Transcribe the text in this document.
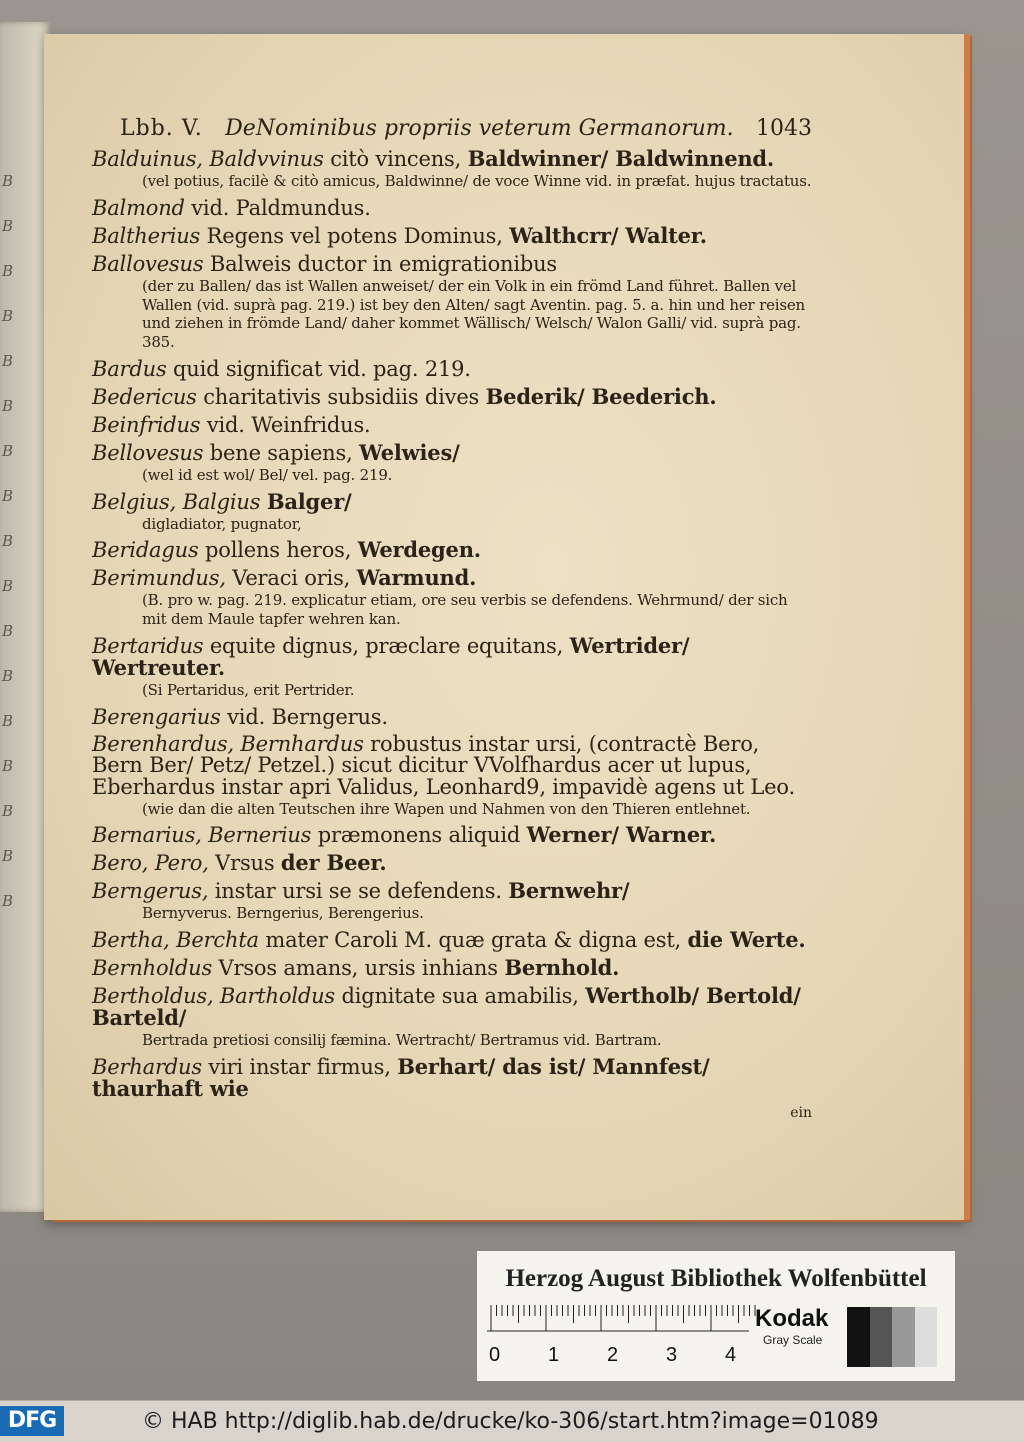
B
B
B
B
B
B
B
B
B
B
B
B
B
B
B
B
B
Lbb. V. DeNominibus propriis veterum Germanorum. 1043
Balduinus, Baldvvinus citò vincens, Baldwinner/ Baldwinnend.
(vel potius, facilè & citò amicus, Baldwinne/ de voce Winne vid. in præfat. hujus tractatus.
Balmond vid. Paldmundus.
Baltherius Regens vel potens Dominus, Walthcrr/ Walter.
Ballovesus Balweis ductor in emigrationibus
(der zu Ballen/ das ist Wallen anweiset/ der ein Volk in ein frömd Land führet. Ballen vel Wallen (vid. suprà pag. 219.) ist bey den Alten/ sagt Aventin. pag. 5. a. hin und her reisen und ziehen in frömde Land/ daher kommet Wällisch/ Welsch/ Walon Galli/ vid. suprà pag. 385.
Bardus quid significat vid. pag. 219.
Bedericus charitativis subsidiis dives Bederik/ Beederich.
Beinfridus vid. Weinfridus.
Bellovesus bene sapiens, Welwies/
(wel id est wol/ Bel/ vel. pag. 219.
Belgius, Balgius Balger/
digladiator, pugnator,
Beridagus pollens heros, Werdegen.
Berimundus, Veraci oris, Warmund.
(B. pro w. pag. 219. explicatur etiam, ore seu verbis se defendens. Wehrmund/ der sich mit dem Maule tapfer wehren kan.
Bertaridus equite dignus, præclare equitans, Wertrider/ Wertreuter.
(Si Pertaridus, erit Pertrider.
Berengarius vid. Berngerus.
Berenhardus, Bernhardus robustus instar ursi, (contractè Bero, Bern Ber/ Petz/ Petzel.) sicut dicitur VVolfhardus acer ut lupus, Eberhardus instar apri Validus, Leonhard9, impavidè agens ut Leo.
(wie dan die alten Teutschen ihre Wapen und Nahmen von den Thieren entlehnet.
Bernarius, Bernerius præmonens aliquid Werner/ Warner.
Bero, Pero, Vrsus der Beer.
Berngerus, instar ursi se se defendens. Bernwehr/
Bernyverus. Berngerius, Berengerius.
Bertha, Berchta mater Caroli M. quæ grata & digna est, die Werte.
Bernholdus Vrsos amans, ursis inhians Bernhold.
Bertholdus, Bartholdus dignitate sua amabilis, Wertholb/ Bertold/ Barteld/
Bertrada pretiosi consilij fæmina. Wertracht/ Bertramus vid. Bartram.
Berhardus viri instar firmus, Berhart/ das ist/ Mannfest/ thaurhaft wie
ein
Herzog August Bibliothek Wolfenbüttel
0 1 2 3 4
Kodak
Gray Scale
DFG	© HAB http://diglib.hab.de/drucke/ko-306/start.htm?image=01089
